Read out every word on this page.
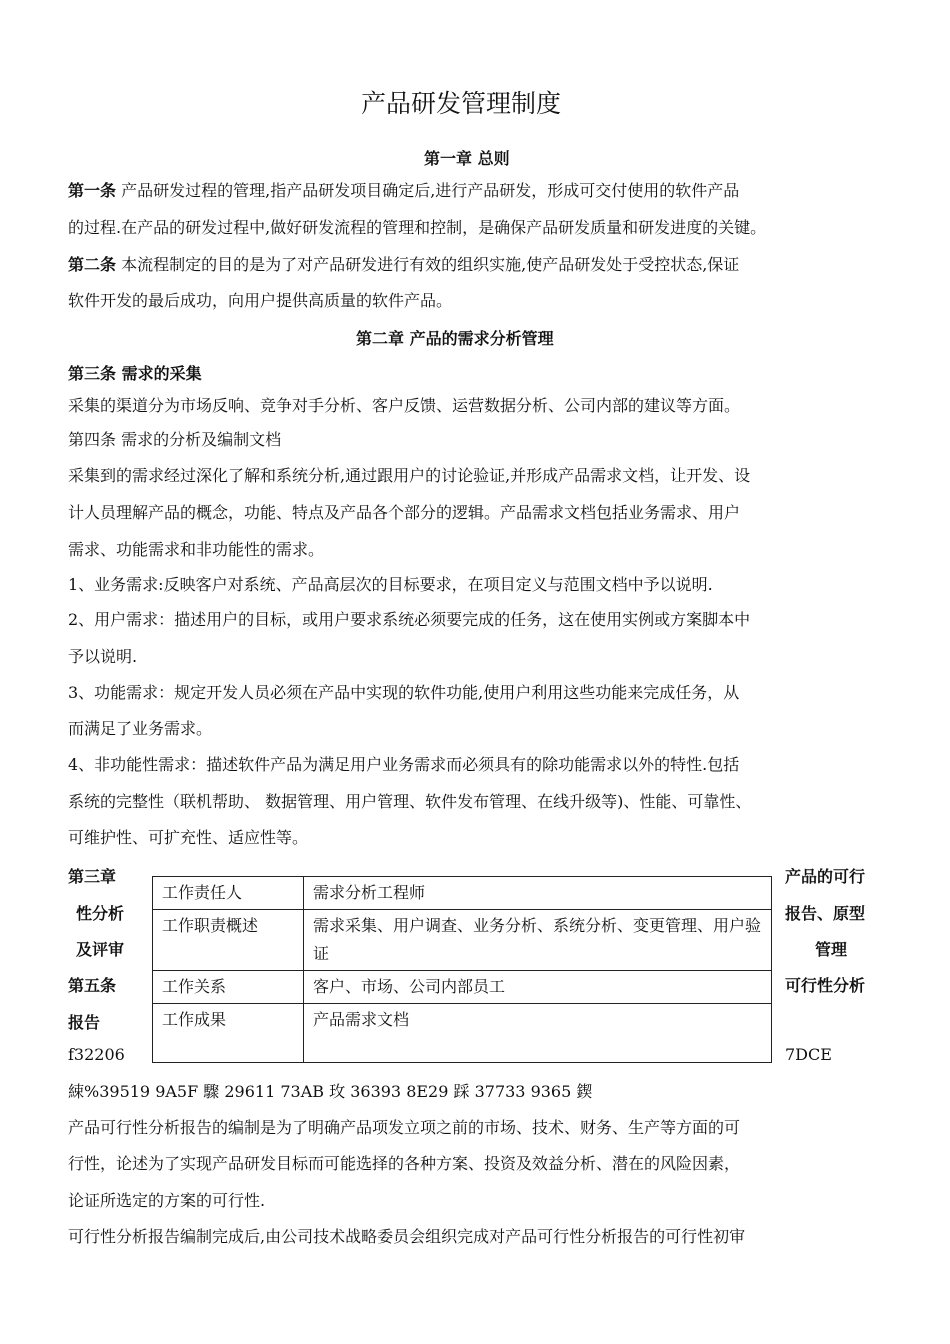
产品研发管理制度
第一章 总则
第一条 产品研发过程的管理,指产品研发项目确定后,进行产品研发，形成可交付使用的软件产品
的过程.在产品的研发过程中,做好研发流程的管理和控制，是确保产品研发质量和研发进度的关键。
第二条 本流程制定的目的是为了对产品研发进行有效的组织实施,使产品研发处于受控状态,保证
软件开发的最后成功，向用户提供高质量的软件产品。
第二章 产品的需求分析管理
第三条 需求的采集
采集的渠道分为市场反响、竞争对手分析、客户反馈、运营数据分析、公司内部的建议等方面。
第四条 需求的分析及编制文档
采集到的需求经过深化了解和系统分析,通过跟用户的讨论验证,并形成产品需求文档，让开发、设
计人员理解产品的概念，功能、特点及产品各个部分的逻辑。产品需求文档包括业务需求、用户
需求、功能需求和非功能性的需求。
1、业务需求:反映客户对系统、产品高层次的目标要求，在项目定义与范围文档中予以说明.
2、用户需求：描述用户的目标，或用户要求系统必须要完成的任务，这在使用实例或方案脚本中
予以说明.
3、功能需求：规定开发人员必须在产品中实现的软件功能,使用户利用这些功能来完成任务，从
而满足了业务需求。
4、非功能性需求：描述软件产品为满足用户业务需求而必须具有的除功能需求以外的特性.包括
系统的完整性（联机帮助、 数据管理、用户管理、软件发布管理、在线升级等)、性能、可靠性、
可维护性、可扩充性、适应性等。
第三章
性分析
及评审
第五条
报告
f32206
产品的可行
报告、原型
管理
可行性分析
7DCE
工作责任人	需求分析工程师
工作职责概述	需求采集、用户调查、业务分析、系统分析、变更管理、用户验证
工作关系	客户、市场、公司内部员工
工作成果	产品需求文档
綀%39519 9A5F 驟 29611 73AB 玫 36393 8E29 踩 37733 9365 鍥
产品可行性分析报告的编制是为了明确产品项发立项之前的市场、技术、财务、生产等方面的可
行性，论述为了实现产品研发目标而可能选择的各种方案、投资及效益分析、潜在的风险因素，
论证所选定的方案的可行性.
可行性分析报告编制完成后,由公司技术战略委员会组织完成对产品可行性分析报告的可行性初审
